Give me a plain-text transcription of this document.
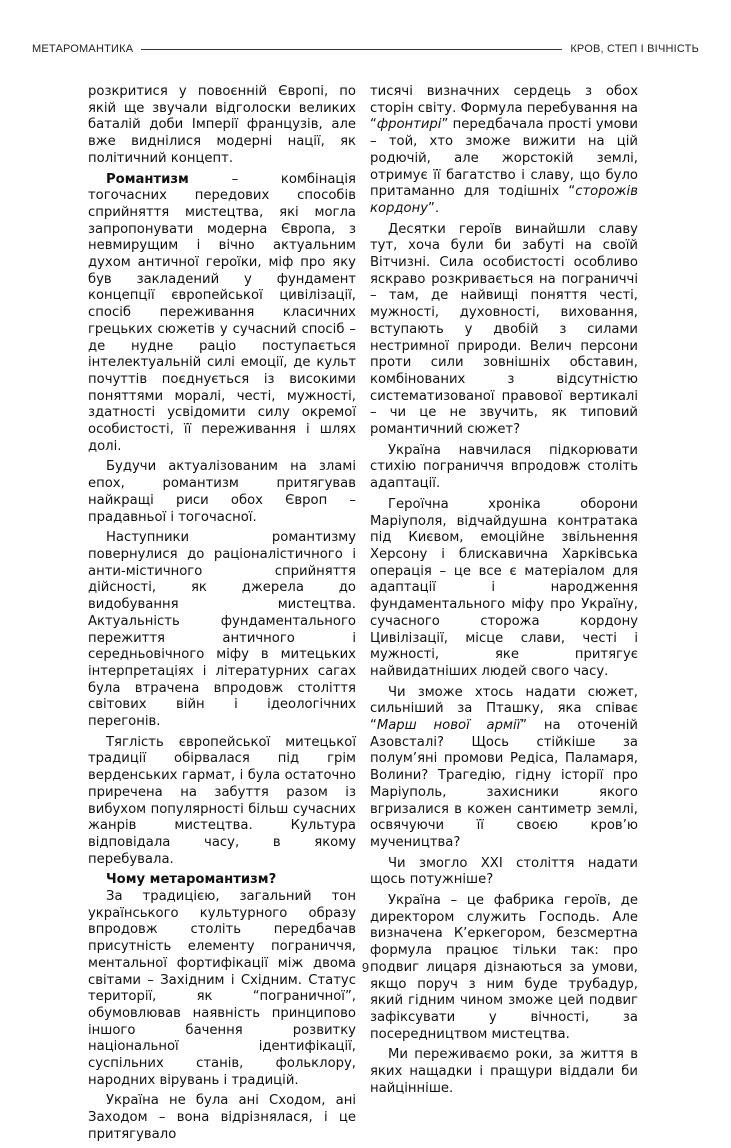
МЕТАРОМАНТИКА	КРОВ, СТЕП І ВІЧНІСТЬ

розкритися у повоєнній Європі, по якій ще звучали відголоски великих баталій доби Імперії французів, але вже виднілися модерні нації, як політичний концепт.

Романтизм – комбінація тогочасних передових способів сприйняття мистецтва, які могла запропонувати модерна Європа, з невмирущим і вічно актуальним духом античної героїки, міф про яку був закладений у фундамент концепції європейської цивілізації, спосіб переживання класичних грецьких сюжетів у сучасний спосіб – де нудне раціо поступається інтелектуальній силі емоції, де культ почуттів поєднується із високими поняттями моралі, честі, мужності, здатності усвідомити силу окремої особистості, її переживання і шлях долі.

Будучи актуалізованим на зламі епох, романтизм притягував найкращі риси обох Європ – прадавньої і тогочасної.

Наступники романтизму повернулися до раціоналістичного і анти-містичного сприйняття дійсності, як джерела до видобування мистецтва. Актуальність фундаментального пережиття античного і середньовічного міфу в митецьких інтерпретаціях і літературних сагах була втрачена впродовж століття світових війн і ідеологічних перегонів.

Тяглість європейської митецької традиції обірвалася під грім верденських гармат, і була остаточно приречена на забуття разом із вибухом популярності більш сучасних жанрів мистецтва. Культура відповідала часу, в якому перебувала.

Чому метаромантизм?

За традицією, загальний тон українського культурного образу впродовж століть передбачав присутність елементу пограниччя, ментальної фортифікації між двома світами – Західним і Східним. Статус території, як “пограничної”, обумовлював наявність принципово іншого бачення розвитку національної ідентифікації, суспільних станів, фольклору, народних вірувань і традицій.

Україна не була ані Сходом, ані Заходом – вона відрізнялася, і це притягувало

тисячі визначних сердець з обох сторін світу. Формула перебування на “фронтирі” передбачала прості умови – той, хто зможе вижити на цій родючій, але жорстокій землі, отримує її багатство і славу, що було притаманно для тодішніх “сторожів кордону”.

Десятки героїв винайшли славу тут, хоча були би забуті на своїй Вітчизні. Сила особистості особливо яскраво розкривається на пограниччі – там, де найвищі поняття честі, мужності, духовності, виховання, вступають у двобій з силами нестримної природи. Велич персони проти сили зовнішніх обставин, комбінованих з відсутністю систематизованої правової вертикалі – чи це не звучить, як типовий романтичний сюжет?

Україна навчилася підкорювати стихію пограниччя впродовж століть адаптації.

Героїчна хроніка оборони Маріуполя, відчайдушна контратака під Києвом, емоційне звільнення Херсону і блискавична Харківська операція – це все є матеріалом для адаптації і народження фундаментального міфу про Україну, сучасного сторожа кордону Цивілізації, місце слави, честі і мужності, яке притягує найвидатніших людей свого часу.

Чи зможе хтось надати сюжет, сильніший за Пташку, яка співає “Марш нової армії” на оточеній Азовсталі? Щось стійкіше за полум’яні промови Редіса, Паламаря, Волини? Трагедію, гідну історії про Маріуполь, захисники якого вгризалися в кожен сантиметр землі, освячуючи її своєю кров’ю мучеництва?

Чи змогло XXI століття надати щось потужніше?

Україна – це фабрика героїв, де директором служить Господь. Але визначена К’еркегором, безсмертна формула працює тільки так: про подвиг лицаря дізнаються за умови, якщо поруч з ним буде трубадур, який гідним чином зможе цей подвиг зафіксувати у вічності, за посередництвом мистецтва.

Ми переживаємо роки, за життя в яких нащадки і пращури віддали би найцінніше.

9
